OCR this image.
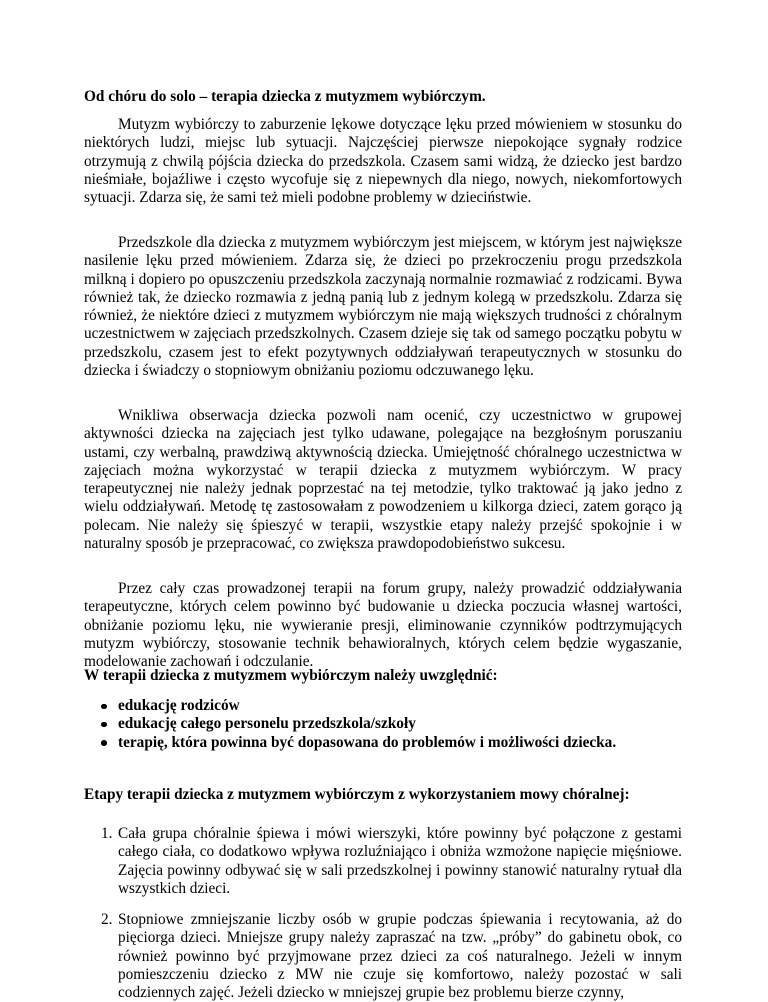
Od chóru do solo – terapia dziecka z mutyzmem wybiórczym.

Mutyzm wybiórczy to zaburzenie lękowe dotyczące lęku przed mówieniem w stosunku do niektórych ludzi, miejsc lub sytuacji. Najczęściej pierwsze niepokojące sygnały rodzice otrzymują z chwilą pójścia dziecka do przedszkola. Czasem sami widzą, że dziecko jest bardzo nieśmiałe, bojaźliwe i często wycofuje się z niepewnych dla niego, nowych, niekomfortowych sytuacji. Zdarza się, że sami też mieli podobne problemy w dzieciństwie.

Przedszkole dla dziecka z mutyzmem wybiórczym jest miejscem, w którym jest największe nasilenie lęku przed mówieniem. Zdarza się, że dzieci po przekroczeniu progu przedszkola milkną i dopiero po opuszczeniu przedszkola zaczynają normalnie rozmawiać z rodzicami. Bywa również tak, że dziecko rozmawia z jedną panią lub z jednym kolegą w przedszkolu. Zdarza się również, że niektóre dzieci z mutyzmem wybiórczym nie mają większych trudności z chóralnym uczestnictwem w zajęciach przedszkolnych. Czasem dzieje się tak od samego początku pobytu w przedszkolu, czasem jest to efekt pozytywnych oddziaływań terapeutycznych w stosunku do dziecka i świadczy o stopniowym obniżaniu poziomu odczuwanego lęku.

Wnikliwa obserwacja dziecka pozwoli nam ocenić, czy uczestnictwo w grupowej aktywności dziecka na zajęciach jest tylko udawane, polegające na bezgłośnym poruszaniu ustami, czy werbalną, prawdziwą aktywnością dziecka. Umiejętność chóralnego uczestnictwa w zajęciach można wykorzystać w terapii dziecka z mutyzmem wybiórczym. W pracy terapeutycznej nie należy jednak poprzestać na tej metodzie, tylko traktować ją jako jedno z wielu oddziaływań. Metodę tę zastosowałam z powodzeniem u kilkorga dzieci, zatem gorąco ją polecam. Nie należy się śpieszyć w terapii, wszystkie etapy należy przejść spokojnie i w naturalny sposób je przepracować, co zwiększa prawdopodobieństwo sukcesu.

Przez cały czas prowadzonej terapii na forum grupy, należy prowadzić oddziaływania terapeutyczne, których celem powinno być budowanie u dziecka poczucia własnej wartości, obniżanie poziomu lęku, nie wywieranie presji, eliminowanie czynników podtrzymujących mutyzm wybiórczy, stosowanie technik behawioralnych, których celem będzie wygaszanie, modelowanie zachowań i odczulanie.

W terapii dziecka z mutyzmem wybiórczym należy uwzględnić:
edukację rodziców
edukację całego personelu przedszkola/szkoły
terapię, która powinna być dopasowana do problemów i możliwości dziecka.
Etapy terapii dziecka z mutyzmem wybiórczym z wykorzystaniem mowy chóralnej:
1. Cała grupa chóralnie śpiewa i mówi wierszyki, które powinny być połączone z gestami całego ciała, co dodatkowo wpływa rozluźniająco i obniża wzmożone napięcie mięśniowe. Zajęcia powinny odbywać się w sali przedszkolnej i powinny stanowić naturalny rytuał dla wszystkich dzieci.
2. Stopniowe zmniejszanie liczby osób w grupie podczas śpiewania i recytowania, aż do pięciorga dzieci. Mniejsze grupy należy zapraszać na tzw. „próby” do gabinetu obok, co również powinno być przyjmowane przez dzieci za coś naturalnego. Jeżeli w innym pomieszczeniu dziecko z MW nie czuje się komfortowo, należy pozostać w sali codziennych zajęć. Jeżeli dziecko w mniejszej grupie bez problemu bierze czynny,
